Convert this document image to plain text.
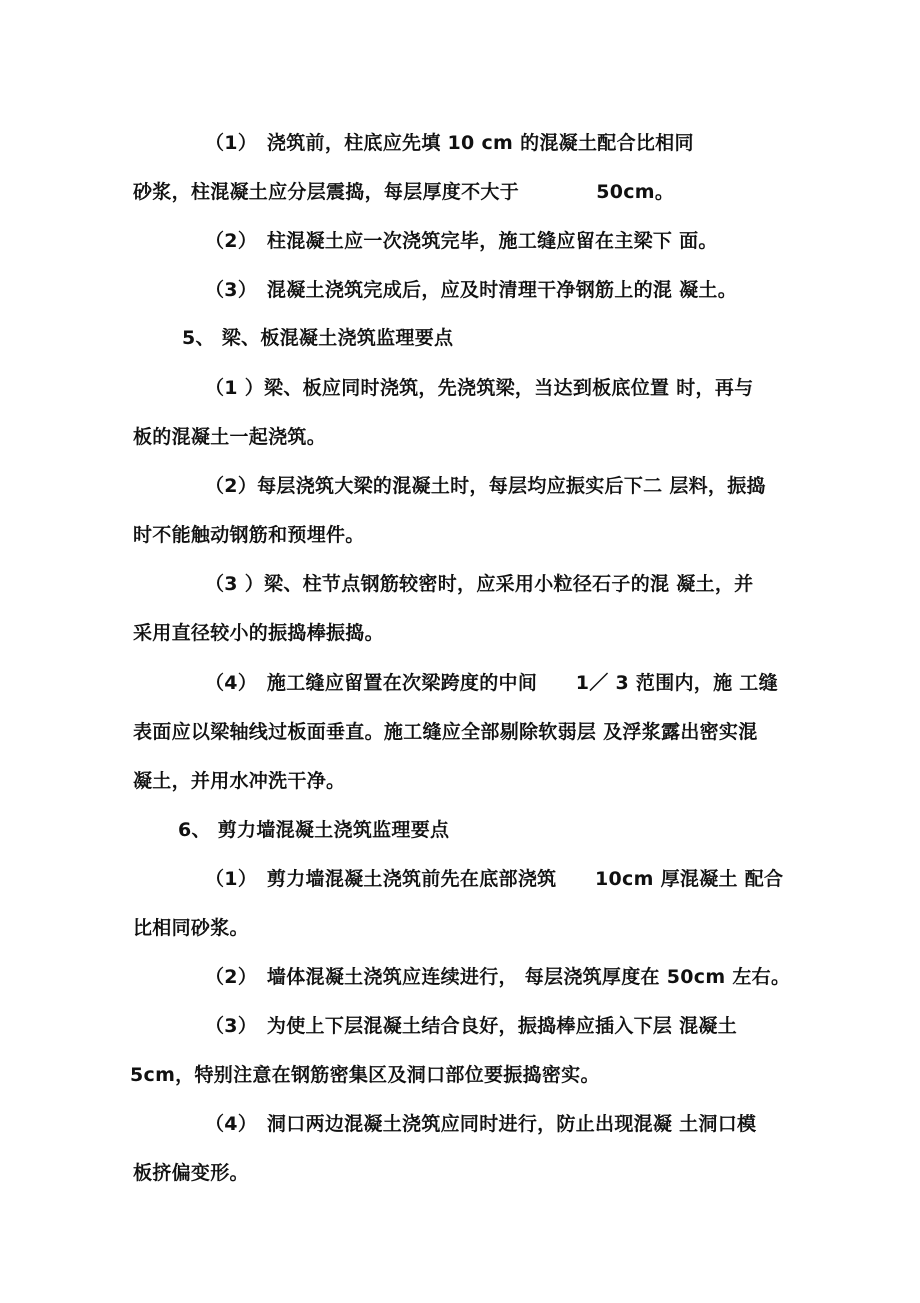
（1）　浇筑前，柱底应先填 10 cm 的混凝土配合比相同
砂浆，柱混凝土应分层震捣，每层厚度不大于　　　　50cm。
（2）　柱混凝土应一次浇筑完毕，施工缝应留在主梁下 面。
（3）　混凝土浇筑完成后，应及时清理干净钢筋上的混 凝土。
5、 梁、板混凝土浇筑监理要点
（1 ）梁、板应同时浇筑，先浇筑梁，当达到板底位置 时，再与
板的混凝土一起浇筑。
（2）每层浇筑大梁的混凝土时，每层均应振实后下二 层料，振捣
时不能触动钢筋和预埋件。
（3 ）梁、柱节点钢筋较密时，应采用小粒径石子的混 凝土，并
采用直径较小的振捣棒振捣。
（4）　施工缝应留置在次梁跨度的中间　　1／ 3 范围内，施 工缝
表面应以梁轴线过板面垂直。施工缝应全部剔除软弱层 及浮浆露出密实混
凝土，并用水冲洗干净。
6、 剪力墙混凝土浇筑监理要点
（1）　剪力墙混凝土浇筑前先在底部浇筑　　10cm 厚混凝土 配合
比相同砂浆。
（2）　墙体混凝土浇筑应连续进行， 每层浇筑厚度在 50cm 左右。
（3）　为使上下层混凝土结合良好，振捣棒应插入下层 混凝土
5cm，特别注意在钢筋密集区及洞口部位要振捣密实。
（4）　洞口两边混凝土浇筑应同时进行，防止出现混凝 土洞口模
板挤偏变形。
